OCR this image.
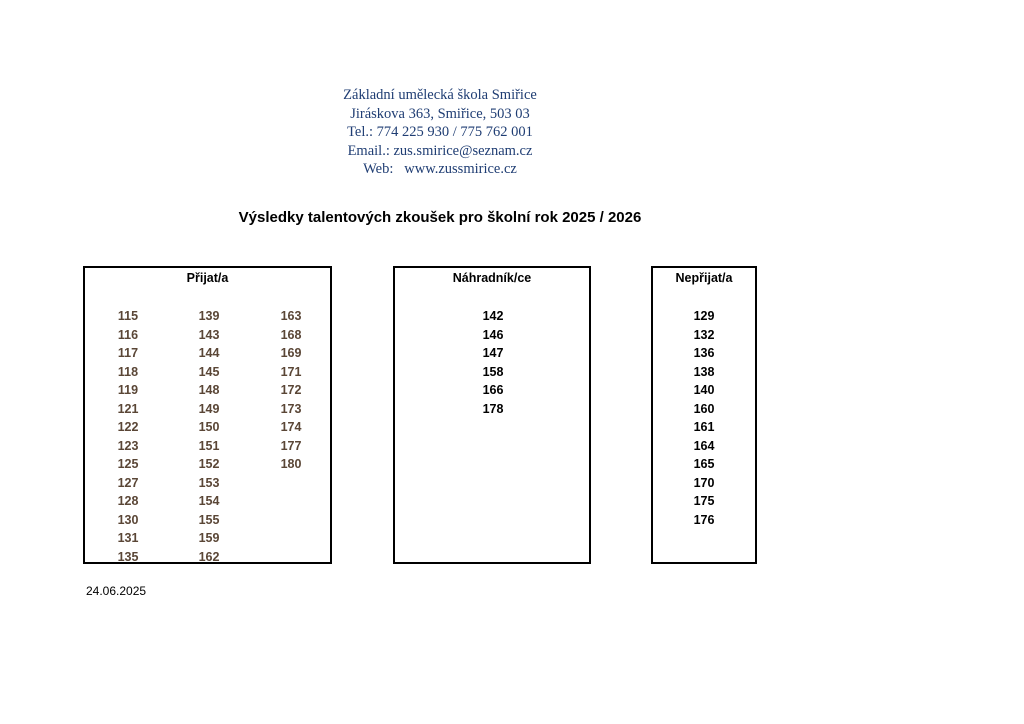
Základní umělecká škola Smiřice
Jiráskova 363, Smiřice, 503 03
Tel.: 774 225 930 / 775 762 001
Email.: zus.smirice@seznam.cz
Web:   www.zussmirice.cz
Výsledky talentových zkoušek pro školní rok 2025 / 2026
Přijat/a
115
116
117
118
119
121
122
123
125
127
128
130
131
135
139
143
144
145
148
149
150
151
152
153
154
155
159
162
163
168
169
171
172
173
174
177
180
Náhradník/ce
142
146
147
158
166
178
Nepřijat/a
129
132
136
138
140
160
161
164
165
170
175
176
24.06.2025
